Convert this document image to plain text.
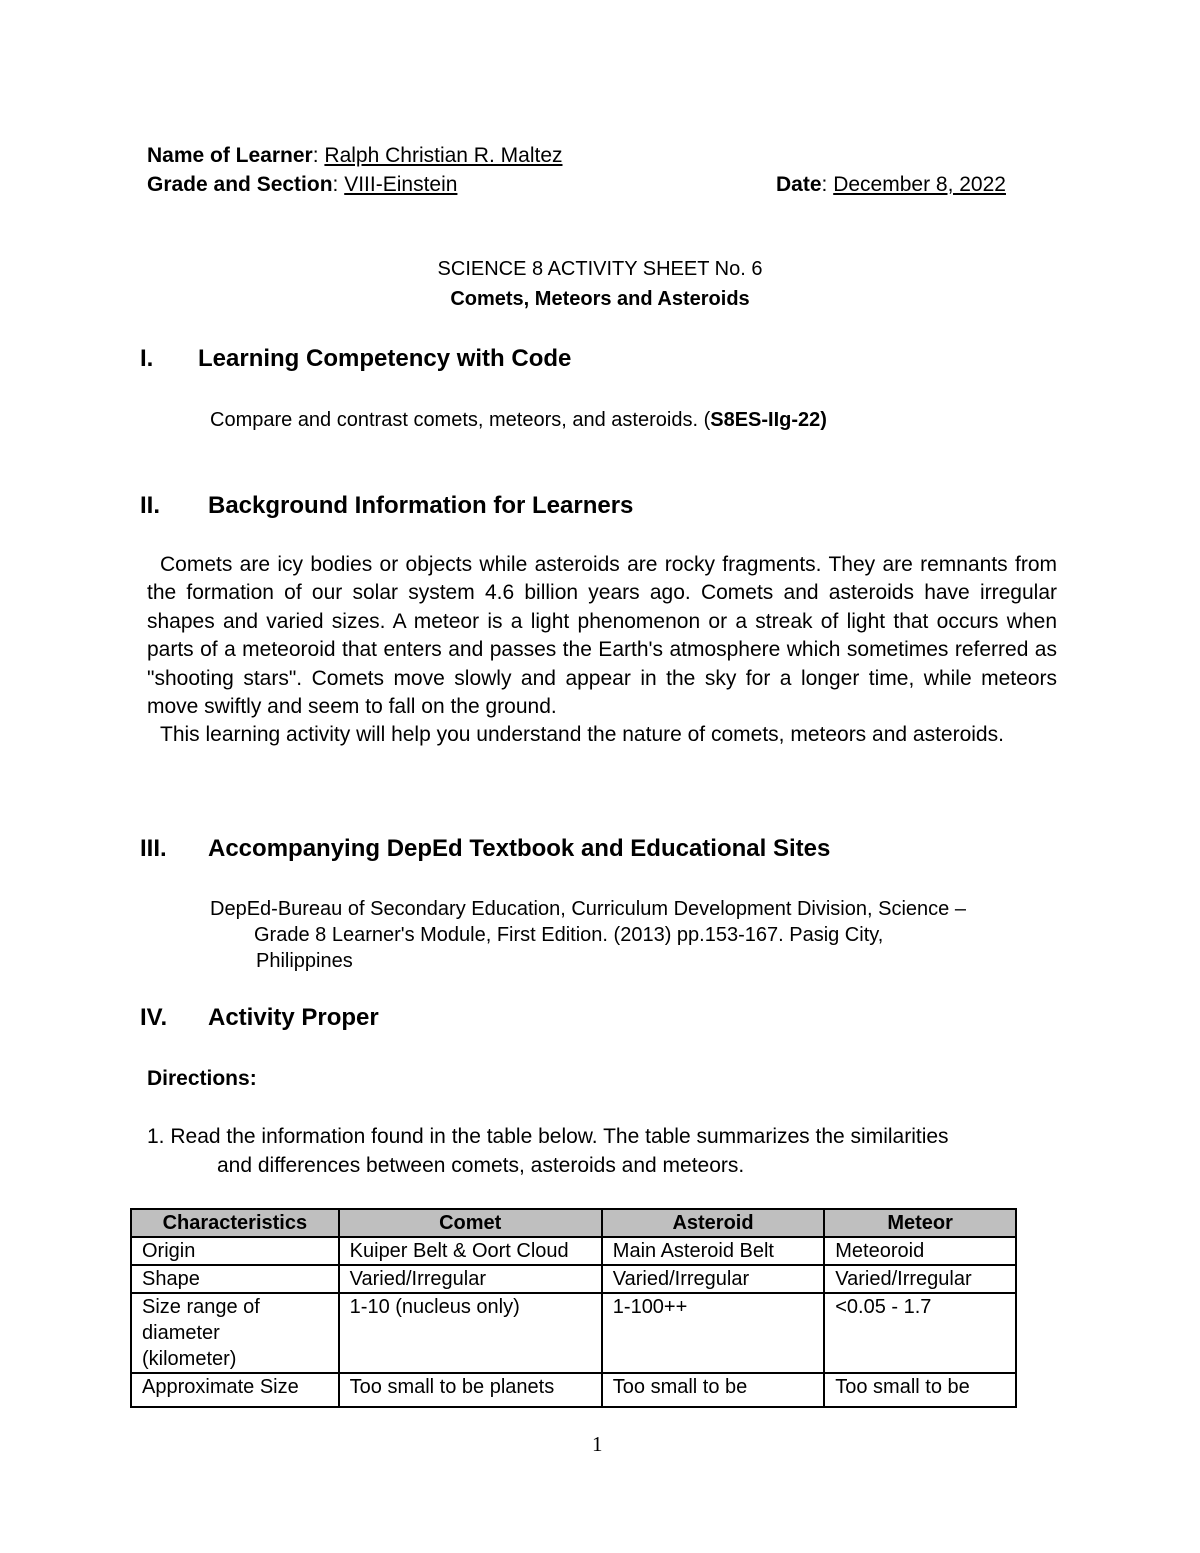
Name of Learner: Ralph Christian R. Maltez
Grade and Section: VIII-Einstein	Date: December 8, 2022
SCIENCE 8 ACTIVITY SHEET No. 6
Comets, Meteors and Asteroids
I. Learning Competency with Code
Compare and contrast comets, meteors, and asteroids. (S8ES-IIg-22)
II. Background Information for Learners

Comets are icy bodies or objects while asteroids are rocky fragments. They are remnants from the formation of our solar system 4.6 billion years ago. Comets and asteroids have irregular shapes and varied sizes. A meteor is a light phenomenon or a streak of light that occurs when parts of a meteoroid that enters and passes the Earth's atmosphere which sometimes referred as "shooting stars". Comets move slowly and appear in the sky for a longer time, while meteors move swiftly and seem to fall on the ground.

This learning activity will help you understand the nature of comets, meteors and asteroids.

III. Accompanying DepEd Textbook and Educational Sites
DepEd-Bureau of Secondary Education, Curriculum Development Division, Science –
Grade 8 Learner's Module, First Edition. (2013) pp.153-167. Pasig City,
Philippines
IV. Activity Proper
Directions:
1. Read the information found in the table below. The table summarizes the similarities
and differences between comets, asteroids and meteors.
Characteristics	Comet	Asteroid	Meteor
Origin	Kuiper Belt & Oort Cloud	Main Asteroid Belt	Meteoroid
Shape	Varied/Irregular	Varied/Irregular	Varied/Irregular
Size range of diameter (kilometer)	1-10 (nucleus only)	1-100++	<0.05 - 1.7
Approximate Size	Too small to be planets	Too small to be	Too small to be
1
